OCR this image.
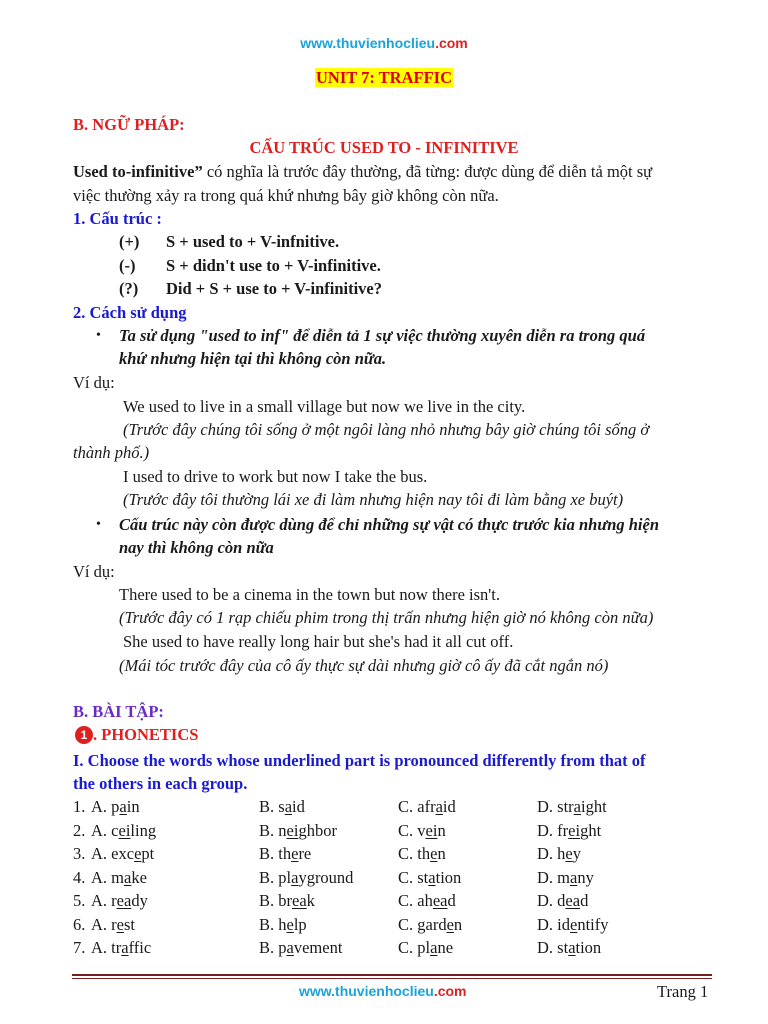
www.thuvienhoclieu.com
UNIT 7: TRAFFIC
B. NGỮ PHÁP:
CẤU TRÚC USED TO - INFINITIVE
Used to-infinitive” có nghĩa là trước đây thường, đã từng: được dùng để diễn tả một sự
việc thường xảy ra trong quá khứ nhưng bây giờ không còn nữa.
1. Cấu trúc :
(+) S + used to + V-infnitive.
(-) S + didn't use to + V-infinitive.
(?) Did + S + use to + V-infinitive?
2. Cách sử dụng
• Ta sử dụng "used to inf" để diễn tả 1 sự việc thường xuyên diễn ra trong quá
khứ nhưng hiện tại thì không còn nữa.
Ví dụ:
We used to live in a small village but now we live in the city.
(Trước đây chúng tôi sống ở một ngôi làng nhỏ nhưng bây giờ chúng tôi sống ở
thành phố.)
I used to drive to work but now I take the bus.
(Trước đây tôi thường lái xe đi làm nhưng hiện nay tôi đi làm bằng xe buýt)
• Cấu trúc này còn được dùng để chỉ những sự vật có thực trước kia nhưng hiện
nay thì không còn nữa
Ví dụ:
There used to be a cinema in the town but now there isn't.
(Trước đây có 1 rạp chiếu phim trong thị trấn nhưng hiện giờ nó không còn nữa)
She used to have really long hair but she's had it all cut off.
(Mái tóc trước đây của cô ấy thực sự dài nhưng giờ cô ấy đã cắt ngắn nó)
B. BÀI TẬP:
1 . PHONETICS
I. Choose the words whose underlined part is pronounced differently from that of
the others in each group.
1. A. pain	B. said	C. afraid	D. straight
2. A. ceiling	B. neighbor	C. vein	D. freight
3. A. except	B. there	C. then	D. hey
4. A. make	B. playground	C. station	D. many
5. A. ready	B. break	C. ahead	D. dead
6. A. rest	B. help	C. garden	D. identify
7. A. traffic	B. pavement	C. plane	D. station
www.thuvienhoclieu.com	Trang 1
